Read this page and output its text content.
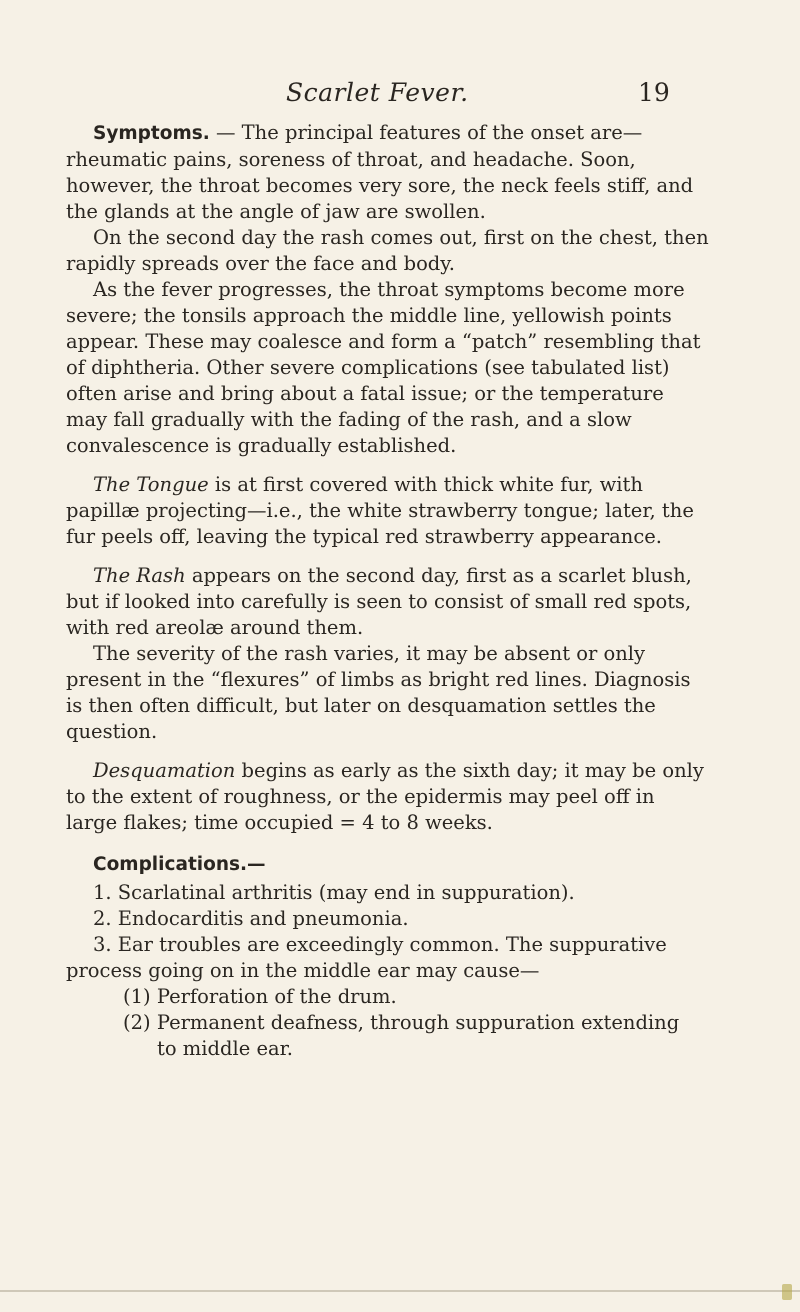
Scarlet Fever.	19

Symptoms. — The principal features of the onset are— rheumatic pains, soreness of throat, and headache. Soon, however, the throat becomes very sore, the neck feels stiff, and the glands at the angle of jaw are swollen.

On the second day the rash comes out, first on the chest, then rapidly spreads over the face and body.

As the fever progresses, the throat symptoms become more severe; the tonsils approach the middle line, yellowish points appear. These may coalesce and form a “patch” resembling that of diphtheria. Other severe complications (see tabulated list) often arise and bring about a fatal issue; or the temperature may fall gradually with the fading of the rash, and a slow convalescence is gradually established.

The Tongue is at first covered with thick white fur, with papillæ projecting—i.e., the white strawberry tongue; later, the fur peels off, leaving the typical red strawberry appearance.

The Rash appears on the second day, first as a scarlet blush, but if looked into carefully is seen to consist of small red spots, with red areolæ around them.

The severity of the rash varies, it may be absent or only present in the “flexures” of limbs as bright red lines. Diagnosis is then often difficult, but later on desquamation settles the question.

Desquamation begins as early as the sixth day; it may be only to the extent of roughness, or the epidermis may peel off in large flakes; time occupied = 4 to 8 weeks.

Complications.—
1. Scarlatinal arthritis (may end in suppuration).
2. Endocarditis and pneumonia.
3. Ear troubles are exceedingly common. The suppurative process going on in the middle ear may cause—
(1) Perforation of the drum.
(2) Permanent deafness, through suppuration extending
to middle ear.
